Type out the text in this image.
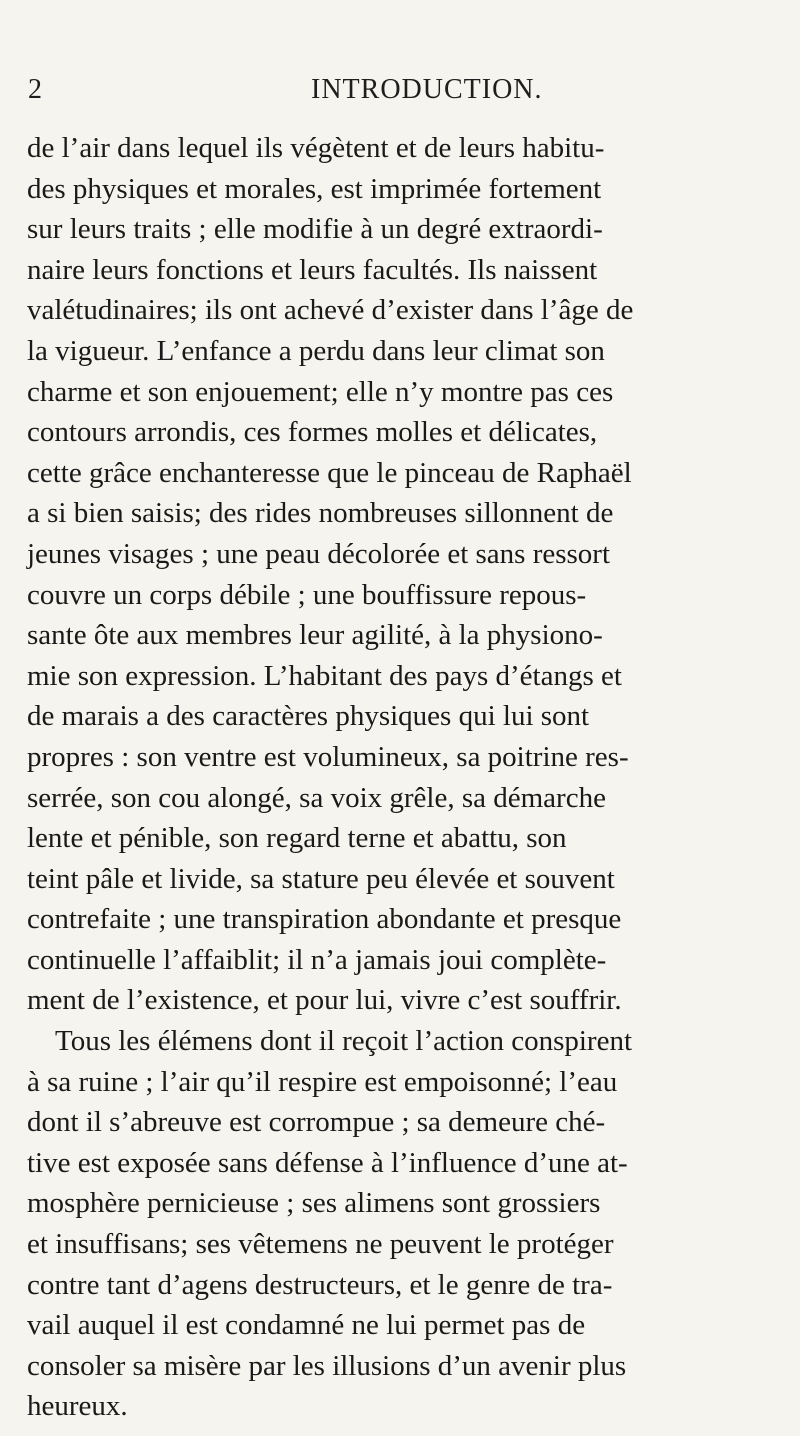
2	INTRODUCTION.
de l’air dans lequel ils végètent et de leurs habitu-
des physiques et morales, est imprimée fortement
sur leurs traits ; elle modifie à un degré extraordi-
naire leurs fonctions et leurs facultés. Ils naissent
valétudinaires; ils ont achevé d’exister dans l’âge de
la vigueur. L’enfance a perdu dans leur climat son
charme et son enjouement; elle n’y montre pas ces
contours arrondis, ces formes molles et délicates,
cette grâce enchanteresse que le pinceau de Raphaël
a si bien saisis; des rides nombreuses sillonnent de
jeunes visages ; une peau décolorée et sans ressort
couvre un corps débile ; une bouffissure repous-
sante ôte aux membres leur agilité, à la physiono-
mie son expression. L’habitant des pays d’étangs et
de marais a des caractères physiques qui lui sont
propres : son ventre est volumineux, sa poitrine res-
serrée, son cou alongé, sa voix grêle, sa démarche
lente et pénible, son regard terne et abattu, son
teint pâle et livide, sa stature peu élevée et souvent
contrefaite ; une transpiration abondante et presque
continuelle l’affaiblit; il n’a jamais joui complète-
ment de l’existence, et pour lui, vivre c’est souffrir.
Tous les élémens dont il reçoit l’action conspirent
à sa ruine ; l’air qu’il respire est empoisonné; l’eau
dont il s’abreuve est corrompue ; sa demeure ché-
tive est exposée sans défense à l’influence d’une at-
mosphère pernicieuse ; ses alimens sont grossiers
et insuffisans; ses vêtemens ne peuvent le protéger
contre tant d’agens destructeurs, et le genre de tra-
vail auquel il est condamné ne lui permet pas de
consoler sa misère par les illusions d’un avenir plus
heureux.
